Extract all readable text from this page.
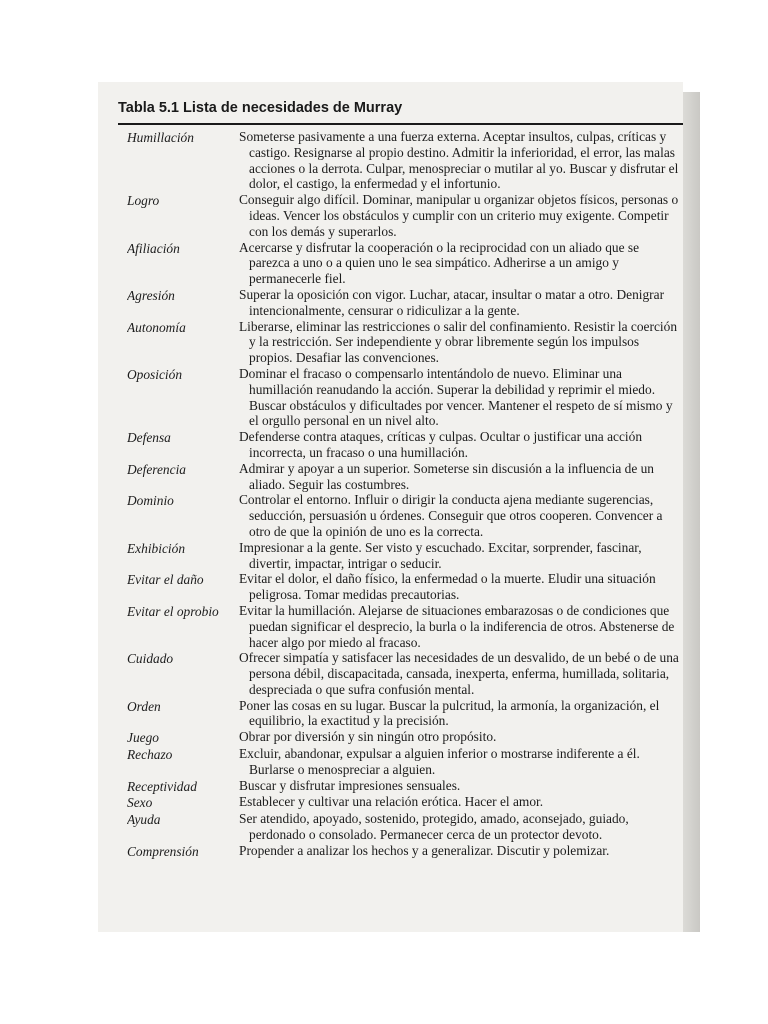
Tabla 5.1 Lista de necesidades de Murray
Humillación	Someterse pasivamente a una fuerza externa. Aceptar insultos, culpas, críticas y castigo. Resignarse al propio destino. Admitir la inferioridad, el error, las malas acciones o la derrota. Culpar, menospreciar o mutilar al yo. Buscar y disfrutar el dolor, el castigo, la enfermedad y el infortunio.
Logro	Conseguir algo difícil. Dominar, manipular u organizar objetos físicos, personas o ideas. Vencer los obstáculos y cumplir con un criterio muy exigente. Competir con los demás y superarlos.
Afiliación	Acercarse y disfrutar la cooperación o la reciprocidad con un aliado que se parezca a uno o a quien uno le sea simpático. Adherirse a un amigo y permanecerle fiel.
Agresión	Superar la oposición con vigor. Luchar, atacar, insultar o matar a otro. Denigrar intencionalmente, censurar o ridiculizar a la gente.
Autonomía	Liberarse, eliminar las restricciones o salir del confinamiento. Resistir la coerción y la restricción. Ser independiente y obrar libremente según los impulsos propios. Desafiar las convenciones.
Oposición	Dominar el fracaso o compensarlo intentándolo de nuevo. Eliminar una humillación reanudando la acción. Superar la debilidad y reprimir el miedo. Buscar obstáculos y dificultades por vencer. Mantener el respeto de sí mismo y el orgullo personal en un nivel alto.
Defensa	Defenderse contra ataques, críticas y culpas. Ocultar o justificar una acción incorrecta, un fracaso o una humillación.
Deferencia	Admirar y apoyar a un superior. Someterse sin discusión a la influencia de un aliado. Seguir las costumbres.
Dominio	Controlar el entorno. Influir o dirigir la conducta ajena mediante sugerencias, seducción, persuasión u órdenes. Conseguir que otros cooperen. Convencer a otro de que la opinión de uno es la correcta.
Exhibición	Impresionar a la gente. Ser visto y escuchado. Excitar, sorprender, fascinar, divertir, impactar, intrigar o seducir.
Evitar el daño	Evitar el dolor, el daño físico, la enfermedad o la muerte. Eludir una situación peligrosa. Tomar medidas precautorias.
Evitar el oprobio	Evitar la humillación. Alejarse de situaciones embarazosas o de condiciones que puedan significar el desprecio, la burla o la indiferencia de otros. Abstenerse de hacer algo por miedo al fracaso.
Cuidado	Ofrecer simpatía y satisfacer las necesidades de un desvalido, de un bebé o de una persona débil, discapacitada, cansada, inexperta, enferma, humillada, solitaria, despreciada o que sufra confusión mental.
Orden	Poner las cosas en su lugar. Buscar la pulcritud, la armonía, la organización, el equilibrio, la exactitud y la precisión.
Juego	Obrar por diversión y sin ningún otro propósito.
Rechazo	Excluir, abandonar, expulsar a alguien inferior o mostrarse indiferente a él. Burlarse o menospreciar a alguien.
Receptividad	Buscar y disfrutar impresiones sensuales.
Sexo	Establecer y cultivar una relación erótica. Hacer el amor.
Ayuda	Ser atendido, apoyado, sostenido, protegido, amado, aconsejado, guiado, perdonado o consolado. Permanecer cerca de un protector devoto.
Comprensión	Propender a analizar los hechos y a generalizar. Discutir y polemizar.
